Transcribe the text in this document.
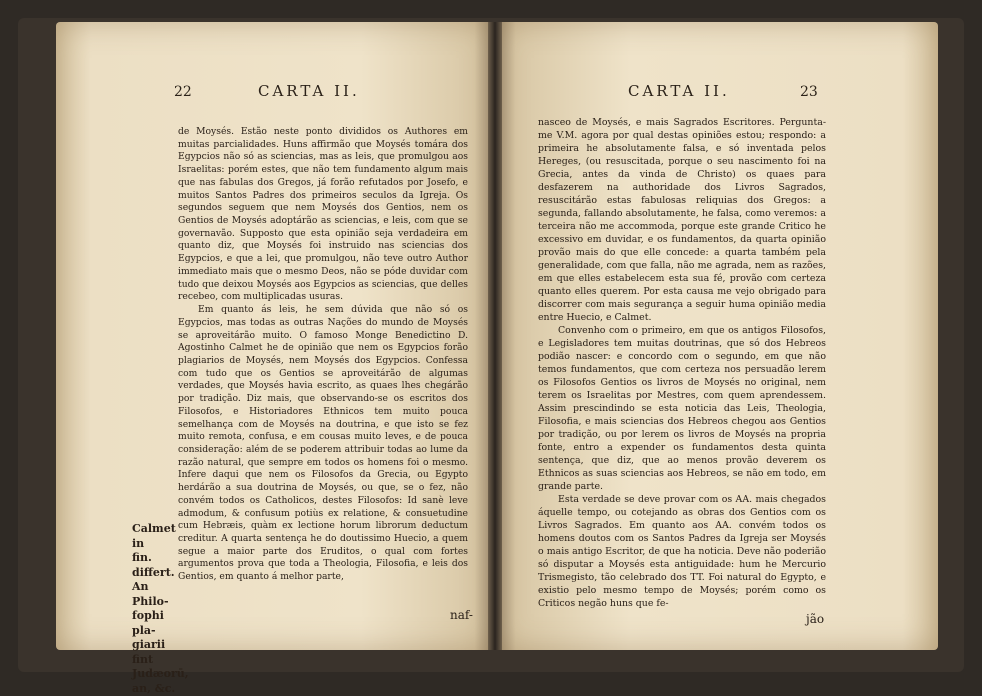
22	CARTA II.

de Moysés. Estão neste ponto divididos os Authores em muitas parcialidades. Huns affirmão que Moysés tomára dos Egypcios não só as sciencias, mas as leis, que promulgou aos Israelitas: porém estes, que não tem fundamento algum mais que nas fabulas dos Gregos, já forão refutados por Josefo, e muitos Santos Padres dos primeiros seculos da Igreja. Os segundos seguem que nem Moysés dos Gentios, nem os Gentios de Moysés adoptárão as sciencias, e leis, com que se governavão. Supposto que esta opinião seja verdadeira em quanto diz, que Moysés foi instruido nas sciencias dos Egypcios, e que a lei, que promulgou, não teve outro Author immediato mais que o mesmo Deos, não se póde duvidar com tudo que deixou Moysés aos Egypcios as sciencias, que delles recebeo, com multiplicadas usuras.

Em quanto ás leis, he sem dúvida que não só os Egypcios, mas todas as outras Nações do mundo de Moysés se aproveitárão muito. O famoso Monge Benedictino D. Agostinho Calmet he de opinião que nem os Egypcios forão plagiarios de Moysés, nem Moysés dos Egypcios. Confessa com tudo que os Gentios se aproveitárão de algumas verdades, que Moysés havia escrito, as quaes lhes chegárão por tradição. Diz mais, que observando-se os escritos dos Filosofos, e Historiadores Ethnicos tem muito pouca semelhança com de Moysés na doutrina, e que isto se fez muito remota, confusa, e em cousas muito leves, e de pouca consideração: além de se poderem attribuir todas ao lume da razão natural, que sempre em todos os homens foi o mesmo. Infere daqui que nem os Filosofos da Grecia, ou Egypto herdárão a sua doutrina de Moysés, ou que, se o fez, não convém todos os Catholicos, destes Filosofos: Id sanè leve admodum, & confusum potiùs ex relatione, & consuetudine cum Hebræis, quàm ex lectione horum librorum deductum creditur. A quarta sentença he do doutissimo Huecio, a quem segue a maior parte dos Eruditos, o qual com fortes argumentos prova que toda a Theologia, Filosofia, e leis dos Gentios, em quanto á melhor parte,

naf-
Calmet in
fin. differt.
An Philo-
fophi pla-
giarii fint
Judæorū,
an, &c.
CARTA II.	23

nasceo de Moysés, e mais Sagrados Escritores. Pergunta-me V.M. agora por qual destas opiniões estou; respondo: a primeira he absolutamente falsa, e só inventada pelos Hereges, (ou resuscitada, porque o seu nascimento foi na Grecia, antes da vinda de Christo) os quaes para desfazerem na authoridade dos Livros Sagrados, resuscitárão estas fabulosas reliquias dos Gregos: a segunda, fallando absolutamente, he falsa, como veremos: a terceira não me accommoda, porque este grande Critico he excessivo em duvidar, e os fundamentos, da quarta opinião provão mais do que elle concede: a quarta também pela generalidade, com que falla, não me agrada, nem as razões, em que elles estabelecem esta sua fé, provão com certeza quanto elles querem. Por esta causa me vejo obrigado para discorrer com mais segurança a seguir huma opinião media entre Huecio, e Calmet.

Convenho com o primeiro, em que os antigos Filosofos, e Legisladores tem muitas doutrinas, que só dos Hebreos podião nascer: e concordo com o segundo, em que não temos fundamentos, que com certeza nos persuadão lerem os Filosofos Gentios os livros de Moysés no original, nem terem os Israelitas por Mestres, com quem aprendessem. Assim prescindindo se esta noticia das Leis, Theologia, Filosofia, e mais sciencias dos Hebreos chegou aos Gentios por tradição, ou por lerem os livros de Moysés na propria fonte, entro a expender os fundamentos desta quinta sentença, que diz, que ao menos provão deverem os Ethnicos as suas sciencias aos Hebreos, se não em todo, em grande parte.

Esta verdade se deve provar com os AA. mais chegados áquelle tempo, ou cotejando as obras dos Gentios com os Livros Sagrados. Em quanto aos AA. convém todos os homens doutos com os Santos Padres da Igreja ser Moysés o mais antigo Escritor, de que ha noticia. Deve não poderião só disputar a Moysés esta antiguidade: hum he Mercurio Trismegisto, tão celebrado dos TT. Foi natural do Egypto, e existio pelo mesmo tempo de Moysés; porém como os Criticos negão huns que fe-

jão
